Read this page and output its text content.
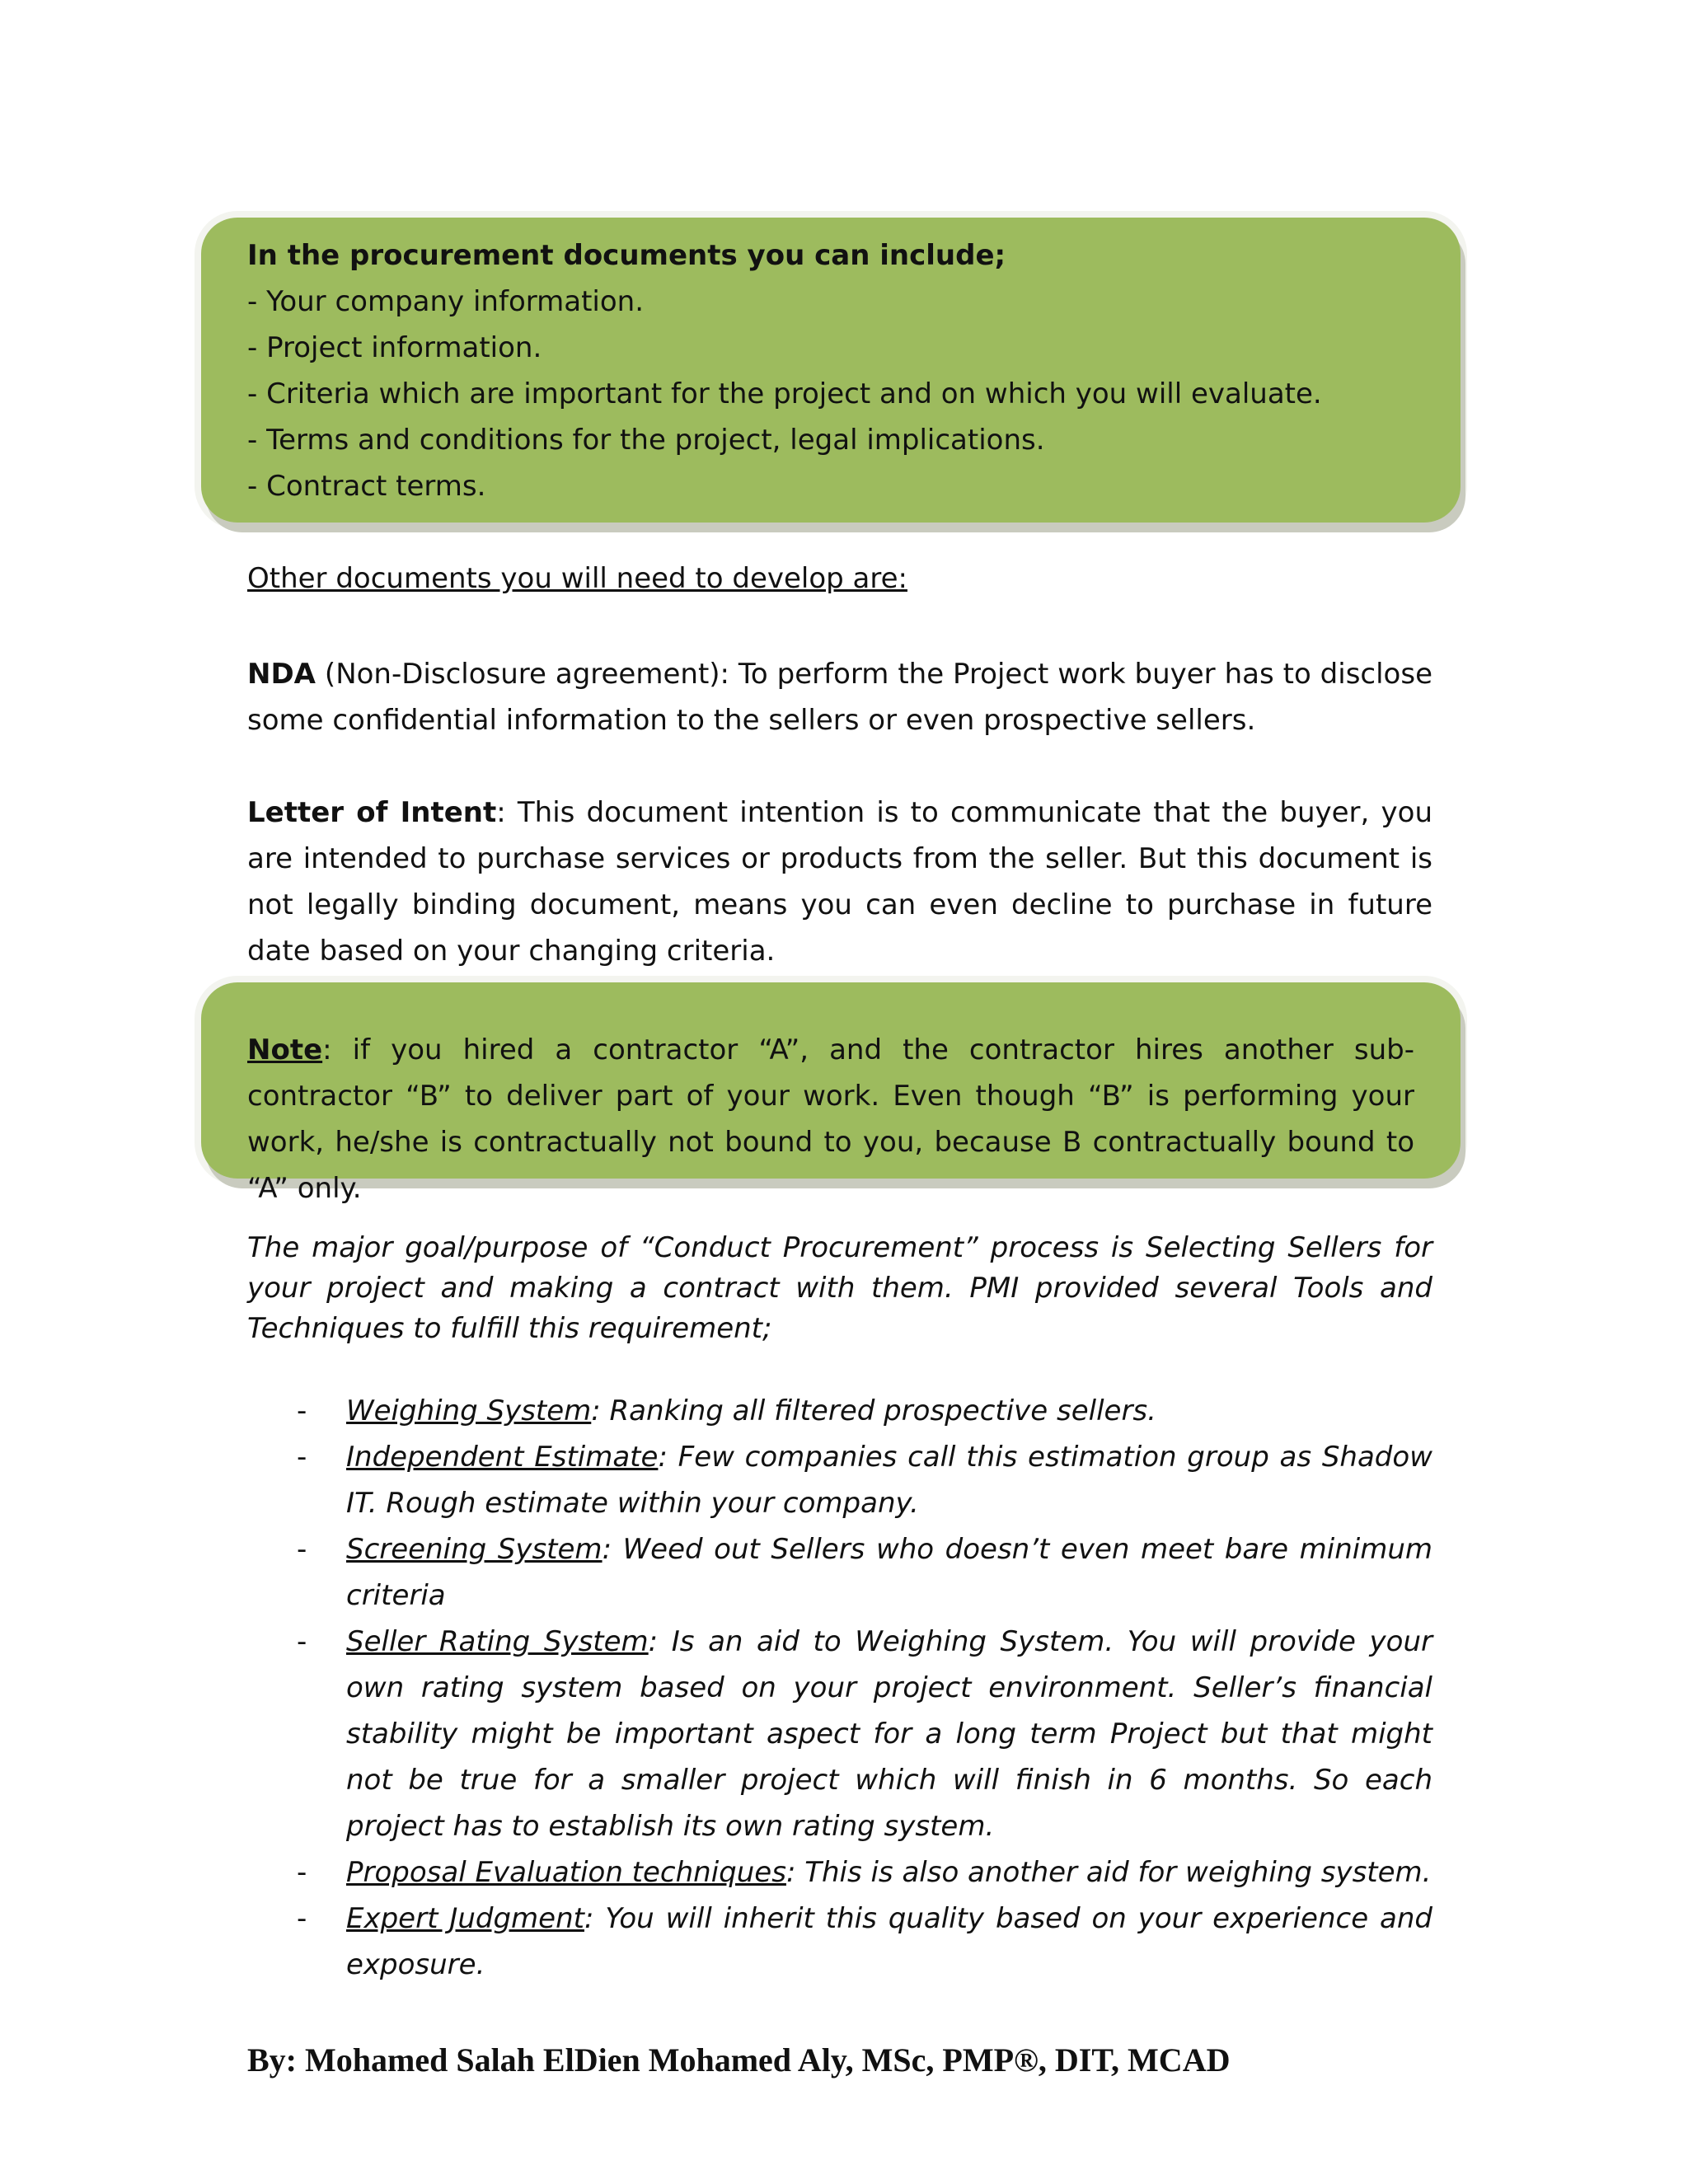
In the procurement documents you can include;
- Your company information.
- Project information.
- Criteria which are important for the project and on which you will evaluate.
- Terms and conditions for the project, legal implications.
- Contract terms.
Other documents you will need to develop are:
NDA (Non-Disclosure agreement): To perform the Project work buyer has to disclose some confidential information to the sellers or even prospective sellers.
Letter of Intent: This document intention is to communicate that the buyer, you are intended to purchase services or products from the seller. But this document is not legally binding document, means you can even decline to purchase in future date based on your changing criteria.
Note: if you hired a contractor “A”, and the contractor hires another sub-contractor “B” to deliver part of your work. Even though “B” is performing your work, he/she is contractually not bound to you, because B contractually bound to “A” only.
The major goal/purpose of “Conduct Procurement” process is Selecting Sellers for your project and making a contract with them. PMI provided several Tools and Techniques to fulfill this requirement;
- Weighing System: Ranking all filtered prospective sellers.
- Independent Estimate: Few companies call this estimation group as Shadow IT. Rough estimate within your company.
- Screening System: Weed out Sellers who doesn’t even meet bare minimum criteria
- Seller Rating System: Is an aid to Weighing System. You will provide your own rating system based on your project environment. Seller’s financial stability might be important aspect for a long term Project but that might not be true for a smaller project which will finish in 6 months. So each project has to establish its own rating system.
- Proposal Evaluation techniques: This is also another aid for weighing system.
- Expert Judgment: You will inherit this quality based on your experience and exposure.
By: Mohamed Salah ElDien Mohamed Aly, MSc, PMP®, DIT, MCAD
